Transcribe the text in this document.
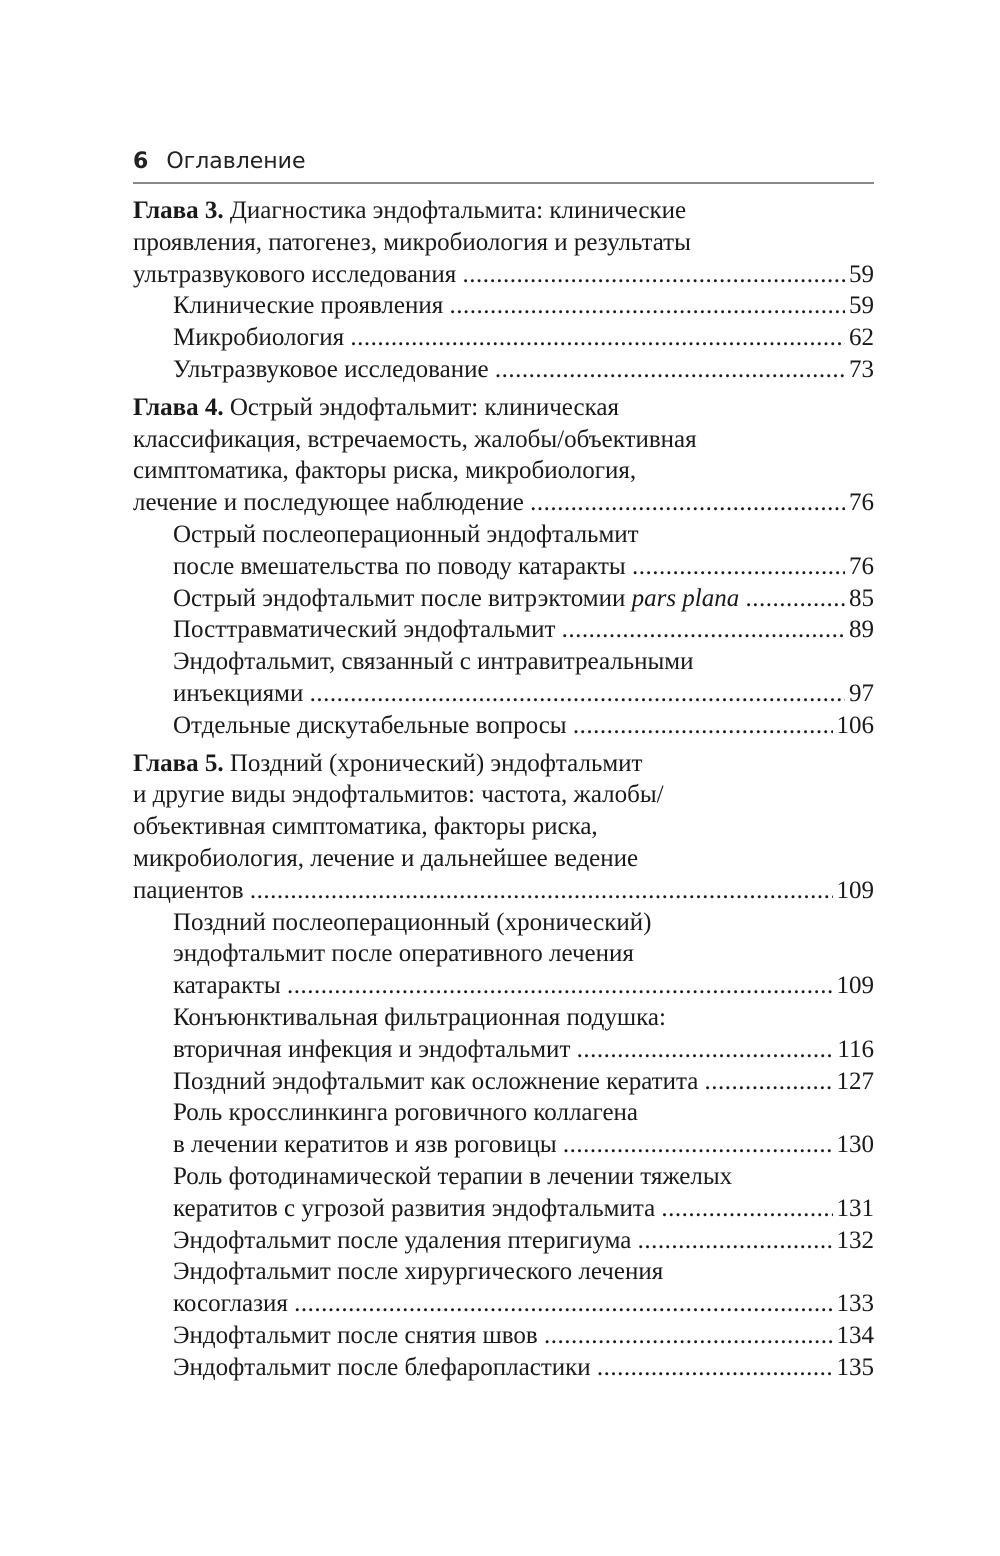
6 Оглавление
Глава 3. Диагностика эндофтальмита: клинические
проявления, патогенез, микробиология и результаты
ультразвукового исследования	59
.....
Клинические проявления	59
.....
Микробиология	62
.....
Ультразвуковое исследование	73
.....
Глава 4. Острый эндофтальмит: клиническая
классификация, встречаемость, жалобы/объективная
симптоматика, факторы риска, микробиология,
лечение и последующее наблюдение	76
.....
Острый послеоперационный эндофтальмит
после вмешательства по поводу катаракты	76
.....
Острый эндофтальмит после витрэктомии pars plana	85
.....
Посттравматический эндофтальмит	89
.....
Эндофтальмит, связанный с интравитреальными
инъекциями	97
.....
Отдельные дискутабельные вопросы	106
.....
Глава 5. Поздний (хронический) эндофтальмит
и другие виды эндофтальмитов: частота, жалобы/
объективная симптоматика, факторы риска,
микробиология, лечение и дальнейшее ведение
пациентов	109
.....
Поздний послеоперационный (хронический)
эндофтальмит после оперативного лечения
катаракты	109
.....
Конъюнктивальная фильтрационная подушка:
вторичная инфекция и эндофтальмит	116
.....
Поздний эндофтальмит как осложнение кератита	127
.....
Роль кросслинкинга роговичного коллагена
в лечении кератитов и язв роговицы	130
.....
Роль фотодинамической терапии в лечении тяжелых
кератитов с угрозой развития эндофтальмита	131
.....
Эндофтальмит после удаления птеригиума	132
.....
Эндофтальмит после хирургического лечения
косоглазия	133
.....
Эндофтальмит после снятия швов	134
.....
Эндофтальмит после блефаропластики	135
.....
